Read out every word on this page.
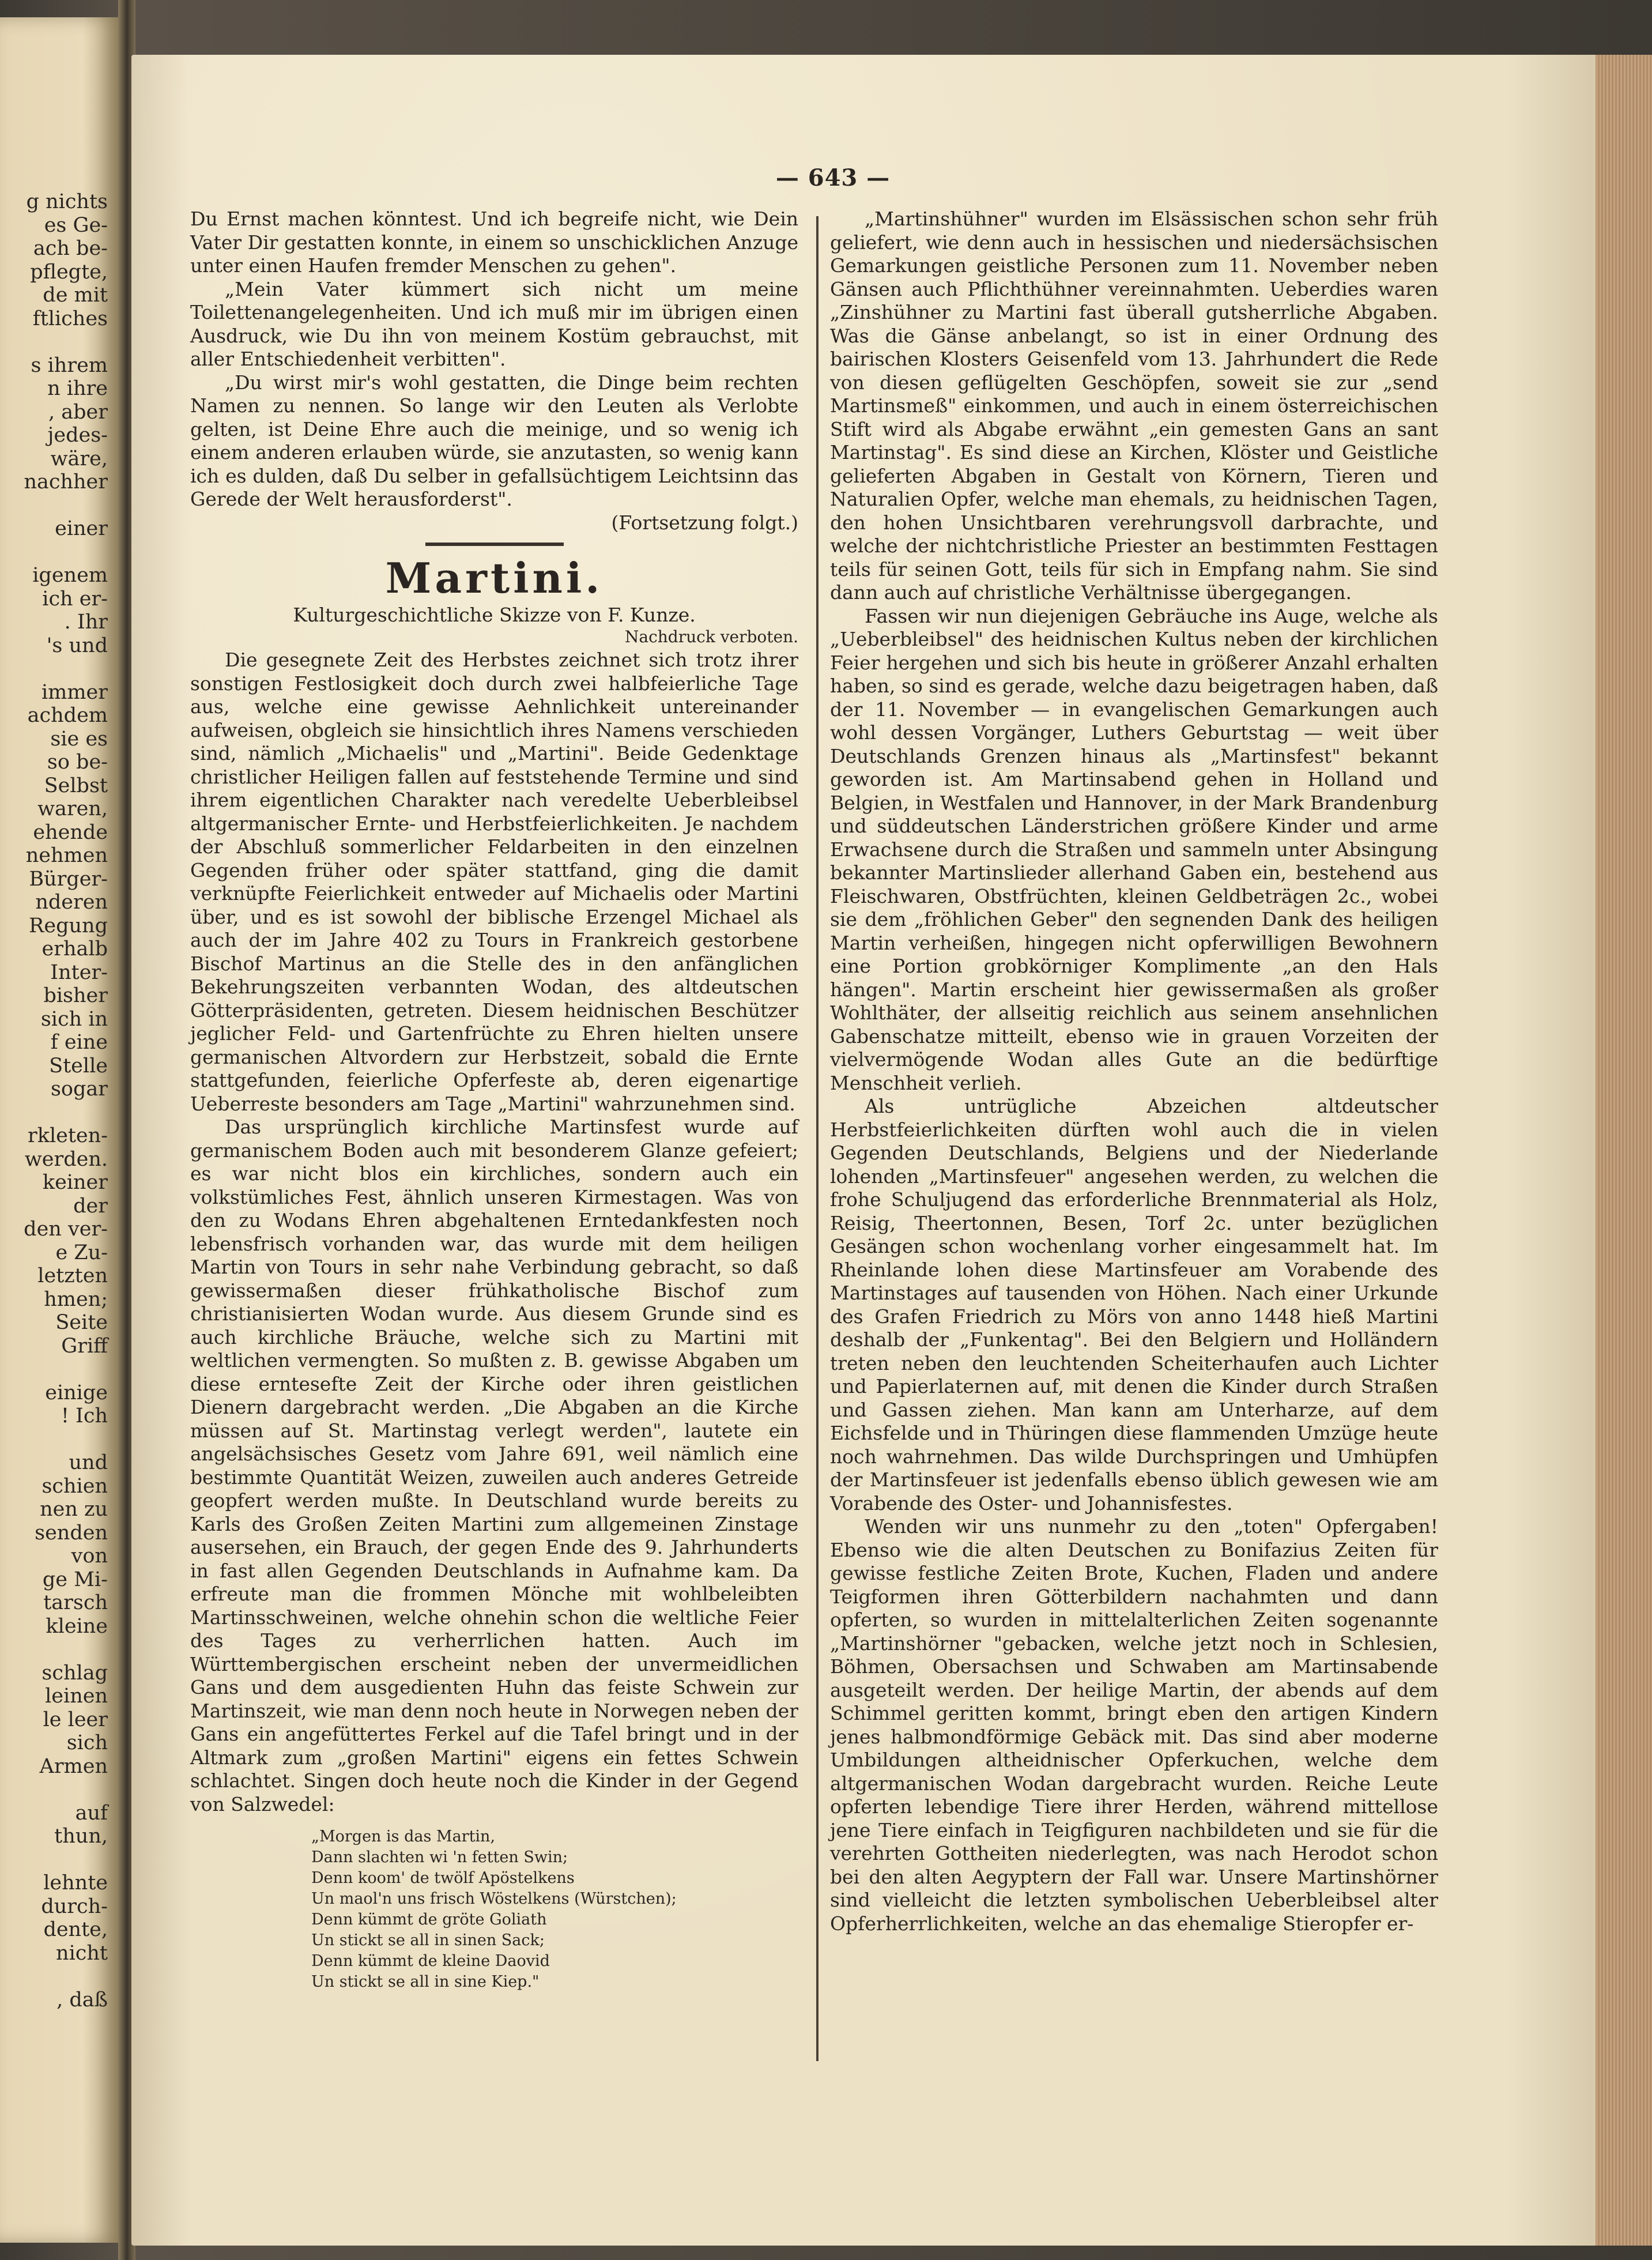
g nichts
es Ge-
ach be-
pflegte,
de mit
ftliches
s ihrem
n ihre
, aber
jedes-
wäre,
nachher
einer
igenem
ich er-
. Ihr
's und
immer
achdem
sie es
so be-
Selbst
waren,
ehende
nehmen
Bürger-
nderen
Regung
erhalb
Inter-
bisher
sich in
f eine
Stelle
sogar
rkleten-
werden.
keiner
der
den ver-
e Zu-
letzten
hmen;
Seite
Griff
einige
! Ich
und
schien
nen zu
senden
von
ge Mi-
tarsch
kleine
schlag
leinen
le leer
sich
Armen
auf
thun,
lehnte
durch-
dente,
nicht
, daß
— 643 —

Du Ernst machen könntest. Und ich begreife nicht, wie Dein Vater Dir gestatten konnte, in einem so unschicklichen Anzuge unter einen Haufen fremder Menschen zu gehen".

„Mein Vater kümmert sich nicht um meine Toilettenangelegenheiten. Und ich muß mir im übrigen einen Ausdruck, wie Du ihn von meinem Kostüm gebrauchst, mit aller Entschiedenheit verbitten".

„Du wirst mir's wohl gestatten, die Dinge beim rechten Namen zu nennen. So lange wir den Leuten als Verlobte gelten, ist Deine Ehre auch die meinige, und so wenig ich einem anderen erlauben würde, sie anzutasten, so wenig kann ich es dulden, daß Du selber in gefallsüchtigem Leichtsinn das Gerede der Welt herausforderst".

(Fortsetzung folgt.)
Martini.

Kulturgeschichtliche Skizze von F. Kunze.

Nachdruck verboten.

Die gesegnete Zeit des Herbstes zeichnet sich trotz ihrer sonstigen Festlosigkeit doch durch zwei halbfeierliche Tage aus, welche eine gewisse Aehnlichkeit untereinander aufweisen, obgleich sie hinsichtlich ihres Namens verschieden sind, nämlich „Michaelis" und „Martini". Beide Gedenktage christlicher Heiligen fallen auf feststehende Termine und sind ihrem eigentlichen Charakter nach veredelte Ueberbleibsel altgermanischer Ernte- und Herbstfeierlichkeiten. Je nachdem der Abschluß sommerlicher Feldarbeiten in den einzelnen Gegenden früher oder später stattfand, ging die damit verknüpfte Feierlichkeit entweder auf Michaelis oder Martini über, und es ist sowohl der biblische Erzengel Michael als auch der im Jahre 402 zu Tours in Frankreich gestorbene Bischof Martinus an die Stelle des in den anfänglichen Bekehrungszeiten verbannten Wodan, des altdeutschen Götterpräsidenten, getreten. Diesem heidnischen Beschützer jeglicher Feld- und Gartenfrüchte zu Ehren hielten unsere germanischen Altvordern zur Herbstzeit, sobald die Ernte stattgefunden, feierliche Opferfeste ab, deren eigenartige Ueberreste besonders am Tage „Martini" wahrzunehmen sind.

Das ursprünglich kirchliche Martinsfest wurde auf germanischem Boden auch mit besonderem Glanze gefeiert; es war nicht blos ein kirchliches, sondern auch ein volkstümliches Fest, ähnlich unseren Kirmestagen. Was von den zu Wodans Ehren abgehaltenen Erntedankfesten noch lebensfrisch vorhanden war, das wurde mit dem heiligen Martin von Tours in sehr nahe Verbindung gebracht, so daß gewissermaßen dieser frühkatholische Bischof zum christianisierten Wodan wurde. Aus diesem Grunde sind es auch kirchliche Bräuche, welche sich zu Martini mit weltlichen vermengten. So mußten z. B. gewisse Abgaben um diese erntesefte Zeit der Kirche oder ihren geistlichen Dienern dargebracht werden. „Die Abgaben an die Kirche müssen auf St. Martinstag verlegt werden", lautete ein angelsächsisches Gesetz vom Jahre 691, weil nämlich eine bestimmte Quantität Weizen, zuweilen auch anderes Getreide geopfert werden mußte. In Deutschland wurde bereits zu Karls des Großen Zeiten Martini zum allgemeinen Zinstage ausersehen, ein Brauch, der gegen Ende des 9. Jahrhunderts in fast allen Gegenden Deutschlands in Aufnahme kam. Da erfreute man die frommen Mönche mit wohlbeleibten Martinsschweinen, welche ohnehin schon die weltliche Feier des Tages zu verherrlichen hatten. Auch im Württembergischen erscheint neben der unvermeidlichen Gans und dem ausgedienten Huhn das feiste Schwein zur Martinszeit, wie man denn noch heute in Norwegen neben der Gans ein angefüttertes Ferkel auf die Tafel bringt und in der Altmark zum „großen Martini" eigens ein fettes Schwein schlachtet. Singen doch heute noch die Kinder in der Gegend von Salzwedel:

„Morgen is das Martin,
Dann slachten wi 'n fetten Swin;
Denn koom' de twölf Apöstelkens
Un maol'n uns frisch Wöstelkens (Würstchen);
Denn kümmt de gröte Goliath
Un stickt se all in sinen Sack;
Denn kümmt de kleine Daovid
Un stickt se all in sine Kiep."

„Martinshühner" wurden im Elsässischen schon sehr früh geliefert, wie denn auch in hessischen und niedersächsischen Gemarkungen geistliche Personen zum 11. November neben Gänsen auch Pflichthühner vereinnahmten. Ueberdies waren „Zinshühner zu Martini fast überall gutsherrliche Abgaben. Was die Gänse anbelangt, so ist in einer Ordnung des bairischen Klosters Geisenfeld vom 13. Jahrhundert die Rede von diesen geflügelten Geschöpfen, soweit sie zur „send Martinsmeß" einkommen, und auch in einem österreichischen Stift wird als Abgabe erwähnt „ein gemesten Gans an sant Martinstag". Es sind diese an Kirchen, Klöster und Geistliche gelieferten Abgaben in Gestalt von Körnern, Tieren und Naturalien Opfer, welche man ehemals, zu heidnischen Tagen, den hohen Unsichtbaren verehrungsvoll darbrachte, und welche der nichtchristliche Priester an bestimmten Festtagen teils für seinen Gott, teils für sich in Empfang nahm. Sie sind dann auch auf christliche Verhältnisse übergegangen.

Fassen wir nun diejenigen Gebräuche ins Auge, welche als „Ueberbleibsel" des heidnischen Kultus neben der kirchlichen Feier hergehen und sich bis heute in größerer Anzahl erhalten haben, so sind es gerade, welche dazu beigetragen haben, daß der 11. November — in evangelischen Gemarkungen auch wohl dessen Vorgänger, Luthers Geburtstag — weit über Deutschlands Grenzen hinaus als „Martinsfest" bekannt geworden ist. Am Martinsabend gehen in Holland und Belgien, in Westfalen und Hannover, in der Mark Brandenburg und süddeutschen Länderstrichen größere Kinder und arme Erwachsene durch die Straßen und sammeln unter Absingung bekannter Martinslieder allerhand Gaben ein, bestehend aus Fleischwaren, Obstfrüchten, kleinen Geldbeträgen 2c., wobei sie dem „fröhlichen Geber" den segnenden Dank des heiligen Martin verheißen, hingegen nicht opferwilligen Bewohnern eine Portion grobkörniger Komplimente „an den Hals hängen". Martin erscheint hier gewissermaßen als großer Wohlthäter, der allseitig reichlich aus seinem ansehnlichen Gabenschatze mitteilt, ebenso wie in grauen Vorzeiten der vielvermögende Wodan alles Gute an die bedürftige Menschheit verlieh.

Als untrügliche Abzeichen altdeutscher Herbstfeierlichkeiten dürften wohl auch die in vielen Gegenden Deutschlands, Belgiens und der Niederlande lohenden „Martinsfeuer" angesehen werden, zu welchen die frohe Schuljugend das erforderliche Brennmaterial als Holz, Reisig, Theertonnen, Besen, Torf 2c. unter bezüglichen Gesängen schon wochenlang vorher eingesammelt hat. Im Rheinlande lohen diese Martinsfeuer am Vorabende des Martinstages auf tausenden von Höhen. Nach einer Urkunde des Grafen Friedrich zu Mörs von anno 1448 hieß Martini deshalb der „Funkentag". Bei den Belgiern und Holländern treten neben den leuchtenden Scheiterhaufen auch Lichter und Papierlaternen auf, mit denen die Kinder durch Straßen und Gassen ziehen. Man kann am Unterharze, auf dem Eichsfelde und in Thüringen diese flammenden Umzüge heute noch wahrnehmen. Das wilde Durchspringen und Umhüpfen der Martinsfeuer ist jedenfalls ebenso üblich gewesen wie am Vorabende des Oster- und Johannisfestes.

Wenden wir uns nunmehr zu den „toten" Opfergaben! Ebenso wie die alten Deutschen zu Bonifazius Zeiten für gewisse festliche Zeiten Brote, Kuchen, Fladen und andere Teigformen ihren Götterbildern nachahmten und dann opferten, so wurden in mittelalterlichen Zeiten sogenannte „Martinshörner "gebacken, welche jetzt noch in Schlesien, Böhmen, Obersachsen und Schwaben am Martinsabende ausgeteilt werden. Der heilige Martin, der abends auf dem Schimmel geritten kommt, bringt eben den artigen Kindern jenes halbmondförmige Gebäck mit. Das sind aber moderne Umbildungen altheidnischer Opferkuchen, welche dem altgermanischen Wodan dargebracht wurden. Reiche Leute opferten lebendige Tiere ihrer Herden, während mittellose jene Tiere einfach in Teigfiguren nachbildeten und sie für die verehrten Gottheiten niederlegten, was nach Herodot schon bei den alten Aegyptern der Fall war. Unsere Martinshörner sind vielleicht die letzten symbolischen Ueberbleibsel alter Opferherrlichkeiten, welche an das ehemalige Stieropfer er-
